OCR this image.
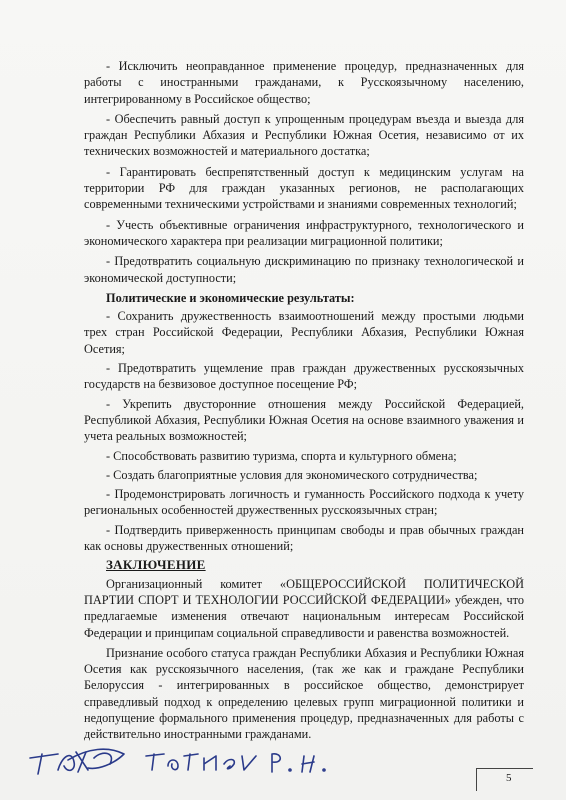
- Исключить неоправданное применение процедур, предназначенных для работы с иностранными гражданами, к Русскоязычному населению, интегрированному в Российское общество;

- Обеспечить равный доступ к упрощенным процедурам въезда и выезда для граждан Республики Абхазия и Республики Южная Осетия, независимо от их технических возможностей и материального достатка;

- Гарантировать беспрепятственный доступ к медицинским услугам на территории РФ для граждан указанных регионов, не располагающих современными техническими устройствами и знаниями современных технологий;

- Учесть объективные ограничения инфраструктурного, технологического и экономического характера при реализации миграционной политики;

- Предотвратить социальную дискриминацию по признаку технологической и экономической доступности;

Политические и экономические результаты:

- Сохранить дружественность взаимоотношений между простыми людьми трех стран Российской Федерации, Республики Абхазия, Республики Южная Осетия;

- Предотвратить ущемление прав граждан дружественных русскоязычных государств на безвизовое доступное посещение РФ;

- Укрепить двусторонние отношения между Российской Федерацией, Республикой Абхазия, Республики Южная Осетия на основе взаимного уважения и учета реальных возможностей;

- Способствовать развитию туризма, спорта и культурного обмена;

- Создать благоприятные условия для экономического сотрудничества;

- Продемонстрировать логичность и гуманность Российского подхода к учету региональных особенностей дружественных русскоязычных стран;

- Подтвердить приверженность принципам свободы и прав обычных граждан как основы дружественных отношений;

ЗАКЛЮЧЕНИЕ

Организационный комитет «ОБЩЕРОССИЙСКОЙ ПОЛИТИЧЕСКОЙ ПАРТИИ СПОРТ И ТЕХНОЛОГИИ РОССИЙСКОЙ ФЕДЕРАЦИИ» убежден, что предлагаемые изменения отвечают национальным интересам Российской Федерации и принципам социальной справедливости и равенства возможностей.

Признание особого статуса граждан Республики Абхазия и Республики Южная Осетия как русскоязычного населения, (так же как и граждане Республики Белоруссия - интегрированных в российское общество, демонстрирует справедливый подход к определению целевых групп миграционной политики и недопущение формального применения процедур, предназначенных для работы с действительно иностранными гражданами.

5
